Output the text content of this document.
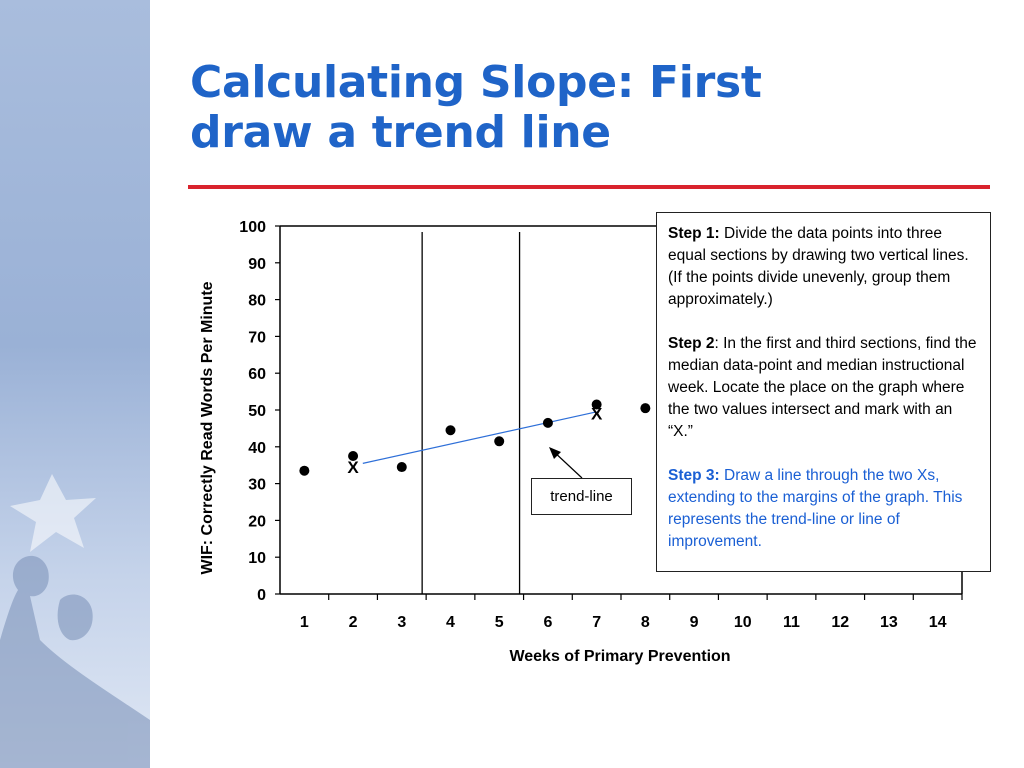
Calculating Slope: First
draw a trend line
0
10
20
30
40
50
60
70
80
90
100
1 2 3 4 5 6 7 8 9 10 11 12 13 14
X
X
WIF: Correctly Read Words Per Minute
Weeks of Primary Prevention
trend-line

Step 1: Divide the data points into three equal sections by drawing two vertical lines. (If the points divide unevenly, group them approximately.)

Step 2: In the first and third sections, find the median data-point and median instructional week. Locate the place on the graph where the two values intersect and mark with an “X.”

Step 3: Draw a line through the two Xs, extending to the margins of the graph. This represents the trend-line or line of improvement.
